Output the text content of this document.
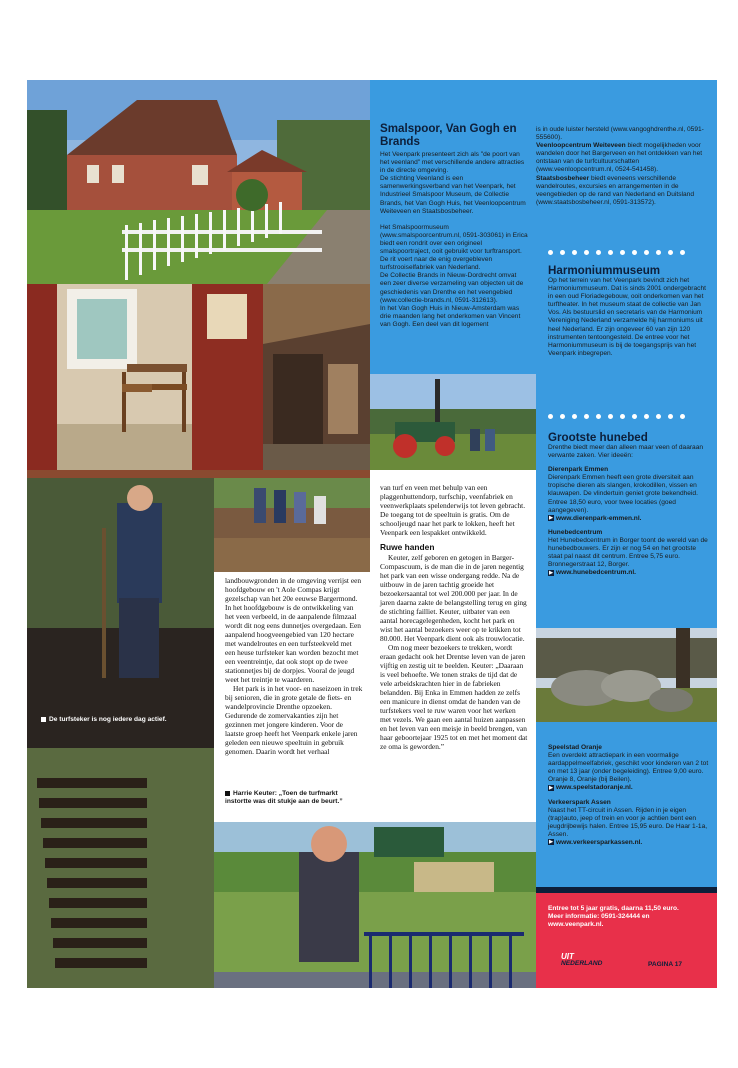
De turfsteker is nog iedere dag actief.
Smalspoor, Van Gogh en Brands
Het Veenpark presenteert zich als "de poort van het veenland" met verschillende andere attracties in de directe omgeving.
De stichting Veenland is een samenwerkingsverband van het Veenpark, het Industrieel Smalspoor Museum, de Collectie Brands, het Van Gogh Huis, het Veenloopcentrum Weiteveen en Staatsbosbeheer.
Het Smalspoormuseum (www.smalspoorcentrum.nl, 0591-303061) in Erica biedt een rondrit over een origineel smalspoortraject, ooit gebruikt voor turftransport. De rit voert naar de enig overgebleven turfstrooiselfabriek van Nederland.
De Collectie Brands in Nieuw-Dordrecht omvat een zeer diverse verzameling van objecten uit de geschiedenis van Drenthe en het veengebied (www.collectie-brands.nl, 0591-312613).
In het Van Gogh Huis in Nieuw-Amsterdam was drie maanden lang het onderkomen van Vincent van Gogh. Een deel van dit logement
is in oude luister hersteld (www.vangoghdrenthe.nl, 0591-555600).
Veenloopcentrum Weiteveen biedt mogelijkheden voor wandelen door het Bargerveen en het ontdekken van het ontstaan van de turfcultuurschatten (www.veenloopcentrum.nl, 0524-541458).
Staatsbosbeheer biedt eveneens verschillende wandelroutes, excursies en arrangementen in de veengebieden op de rand van Nederland en Duitsland (www.staatsbosbeheer.nl, 0591-313572).
Harmoniummuseum
Op het terrein van het Veenpark bevindt zich het Harmoniummuseum. Dat is sinds 2001 ondergebracht in een oud Floriadegebouw, ooit onderkomen van het turftheater. In het museum staat de collectie van Jan Vos. Als bestuurslid en secretaris van de Harmonium Vereniging Nederland verzamelde hij harmoniums uit heel Nederland. Er zijn ongeveer 60 van zijn 120 instrumenten tentoongesteld. De entree voor het Harmoniummuseum is bij de toegangsprijs van het Veenpark inbegrepen.
Grootste hunebed
Drenthe biedt meer dan alleen maar veen of daaraan verwante zaken. Vier ideeën:
Dierenpark Emmen
Dierenpark Emmen heeft een grote diversiteit aan tropische dieren als slangen, krokodillen, vissen en klauwapen. De vlindertuin geniet grote bekendheid. Entree 18,50 euro, voor twee locaties (goed aangegeven).
▶ www.dierenpark-emmen.nl.
Hunebedcentrum
Het Hunebedcentrum in Borger toont de wereld van de hunebedbouwers. Er zijn er nog 54 en het grootste staat pal naast dit centrum. Entree 5,75 euro. Bronnegerstraat 12, Borger.
▶ www.hunebedcentrum.nl.
Speelstad Oranje
Een overdekt attractiepark in een voormalige aardappelmeelfabriek, geschikt voor kinderen van 2 tot en met 13 jaar (onder begeleiding). Entree 9,00 euro. Oranje 8, Oranje (bij Beilen).
▶ www.speelstadoranje.nl.
Verkeerspark Assen
Naast het TT-circuit in Assen. Rijden in je eigen (trap)auto, jeep of trein en voor je achtien bent een jeugdrijbewijs halen. Entree 15,95 euro. De Haar 1-1a, Assen.
▶ www.verkeersparkassen.nl.
Entree tot 5 jaar gratis, daarna 11,50 euro.
Meer informatie: 0591-324444 en
www.veenpark.nl.
UIT
NEDERLAND	PAGINA 17
landbouwgronden in de omgeving verrijst een hoofdgebouw en 't Aole Compas krijgt gezelschap van het 20e eeuwse Bargermond. In het hoofdgebouw is de ontwikkeling van het veen verbeeld, in de aanpalende filmzaal wordt dit nog eens dunnetjes overgedaan. Een aanpalend hoogveengebied van 120 hectare met wandelroutes en een turfsteekveld met een heuse turfsteker kan worden bezocht met een veentreintje, dat ook stopt op de twee stationnetjes bij de dorpjes. Vooral de jeugd weet het treintje te waarderen.
Het park is in het voor- en naseizoen in trek bij senioren, die in grote getale de fiets- en wandelprovincie Drenthe opzoeken. Gedurende de zomervakanties zijn het gezinnen met jongere kinderen. Voor de laatste groep heeft het Veenpark enkele jaren geleden een nieuwe speeltuin in gebruik genomen. Daarin wordt het verhaal
Harrie Keuter: „Toen de turfmarkt instortte was dit stukje aan de beurt.”
van turf en veen met behulp van een plaggenhuttendorp, turfschip, veenfabriek en veenwerkplaats spelenderwijs tot leven gebracht. De toegang tot de speeltuin is gratis. Om de schooljeugd naar het park te lokken, heeft het Veenpark een lespakket ontwikkeld.
Ruwe handen
Keuter, zelf geboren en getogen in Barger-Compascuum, is de man die in de jaren negentig het park van een wisse ondergang redde. Na de uitbouw in de jaren tachtig groeide het bezoekersaantal tot wel 200.000 per jaar. In de jaren daarna zakte de belangstelling terug en ging de stichting failliet. Keuter, uitbater van een aantal horecagelegenheden, kocht het park en wist het aantal bezoekers weer op te krikken tot 80.000. Het Veenpark dient ook als trouwlocatie.
Om nog meer bezoekers te trekken, wordt eraan gedacht ook het Drentse leven van de jaren vijftig en zestig uit te beelden. Keuter: „Daaraan is veel behoefte. We tonen straks de tijd dat de vele arbeidskrachten hier in de fabrieken belandden. Bij Enka in Emmen hadden ze zelfs een manicure in dienst omdat de handen van de turfstekers veel te ruw waren voor het werken met vezels. We gaan een aantal huizen aanpassen en het leven van een meisje in beeld brengen, van haar geboortejaar 1925 tot en met het moment dat ze oma is geworden.”
